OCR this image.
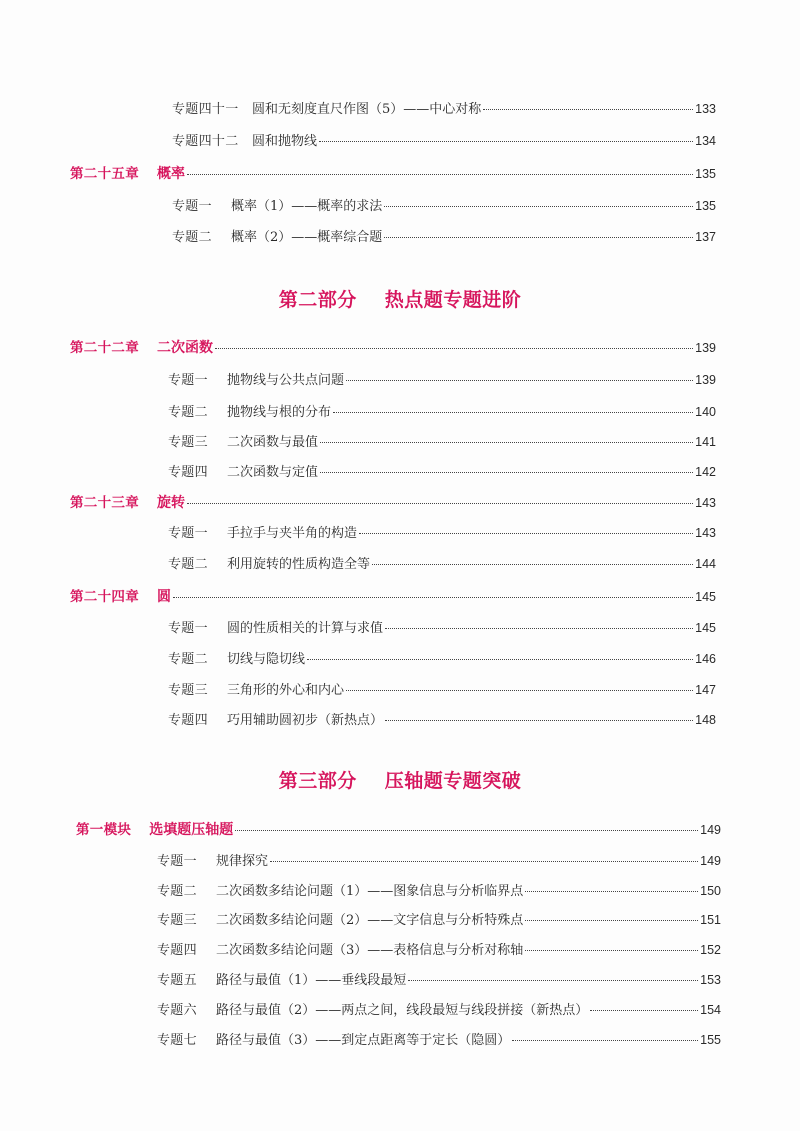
专题四十一	圆和无刻度直尺作图（5）——中心对称	133
专题四十二	圆和抛物线	134
第二十五章 概率	135
专题一	概率（1）——概率的求法	135
专题二	概率（2）——概率综合题	137
第二部分 热点题专题进阶
第二十二章 二次函数	139
专题一	抛物线与公共点问题	139
专题二	抛物线与根的分布	140
专题三	二次函数与最值	141
专题四	二次函数与定值	142
第二十三章 旋转	143
专题一	手拉手与夹半角的构造	143
专题二	利用旋转的性质构造全等	144
第二十四章 圆	145
专题一	圆的性质相关的计算与求值	145
专题二	切线与隐切线	146
专题三	三角形的外心和内心	147
专题四	巧用辅助圆初步（新热点）	148
第三部分 压轴题专题突破
第一模块 选填题压轴题	149
专题一	规律探究	149
专题二	二次函数多结论问题（1）——图象信息与分析临界点	150
专题三	二次函数多结论问题（2）——文字信息与分析特殊点	151
专题四	二次函数多结论问题（3）——表格信息与分析对称轴	152
专题五	路径与最值（1）——垂线段最短	153
专题六	路径与最值（2）——两点之间，线段最短与线段拼接（新热点）	154
专题七	路径与最值（3）——到定点距离等于定长（隐圆）	155
